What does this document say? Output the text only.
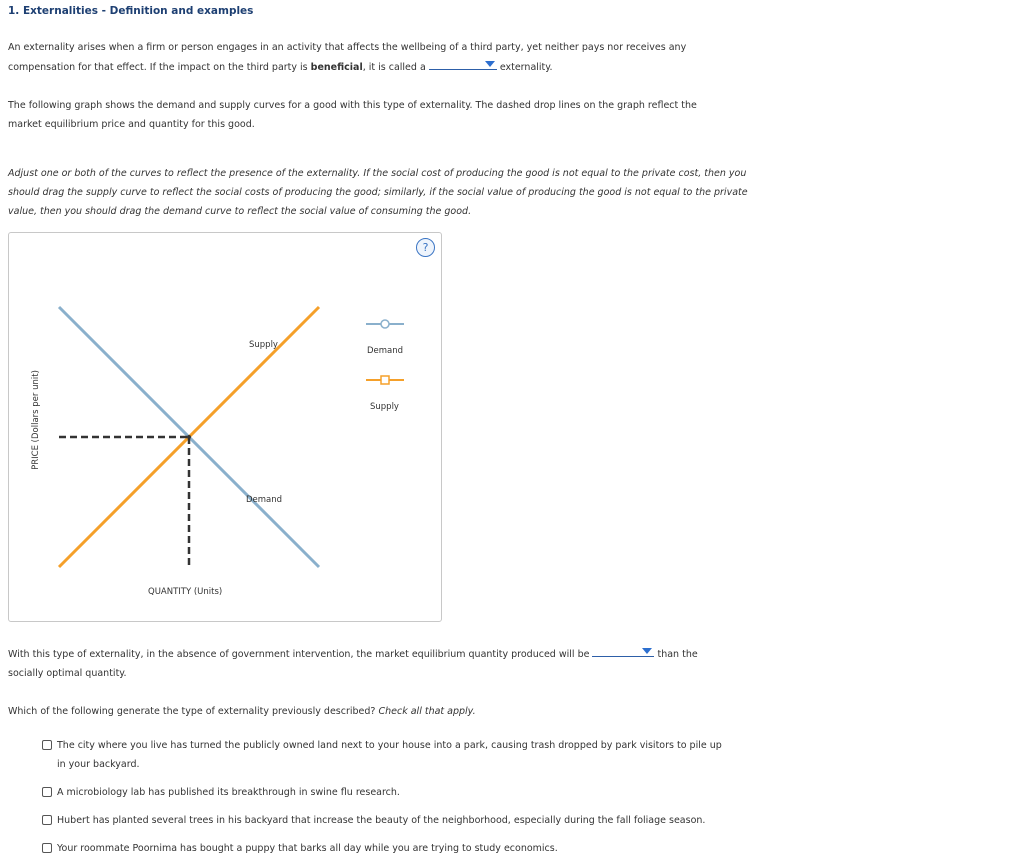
1. Externalities - Definition and examples

An externality arises when a firm or person engages in an activity that affects the wellbeing of a third party, yet neither pays nor receives any compensation for that effect. If the impact on the third party is beneficial, it is called a	externality.

The following graph shows the demand and supply curves for a good with this type of externality. The dashed drop lines on the graph reflect the market equilibrium price and quantity for this good.

Adjust one or both of the curves to reflect the presence of the externality. If the social cost of producing the good is not equal to the private cost, then you should drag the supply curve to reflect the social costs of producing the good; similarly, if the social value of producing the good is not equal to the private value, then you should drag the demand curve to reflect the social value of consuming the good.

?
PRICE (Dollars per unit)
Supply
Demand
Demand
Supply
QUANTITY (Units)

With this type of externality, in the absence of government intervention, the market equilibrium quantity produced will be	than the socially optimal quantity.

Which of the following generate the type of externality previously described? Check all that apply.

The city where you live has turned the publicly owned land next to your house into a park, causing trash dropped by park visitors to pile up in your backyard.
A microbiology lab has published its breakthrough in swine flu research.
Hubert has planted several trees in his backyard that increase the beauty of the neighborhood, especially during the fall foliage season.
Your roommate Poornima has bought a puppy that barks all day while you are trying to study economics.
